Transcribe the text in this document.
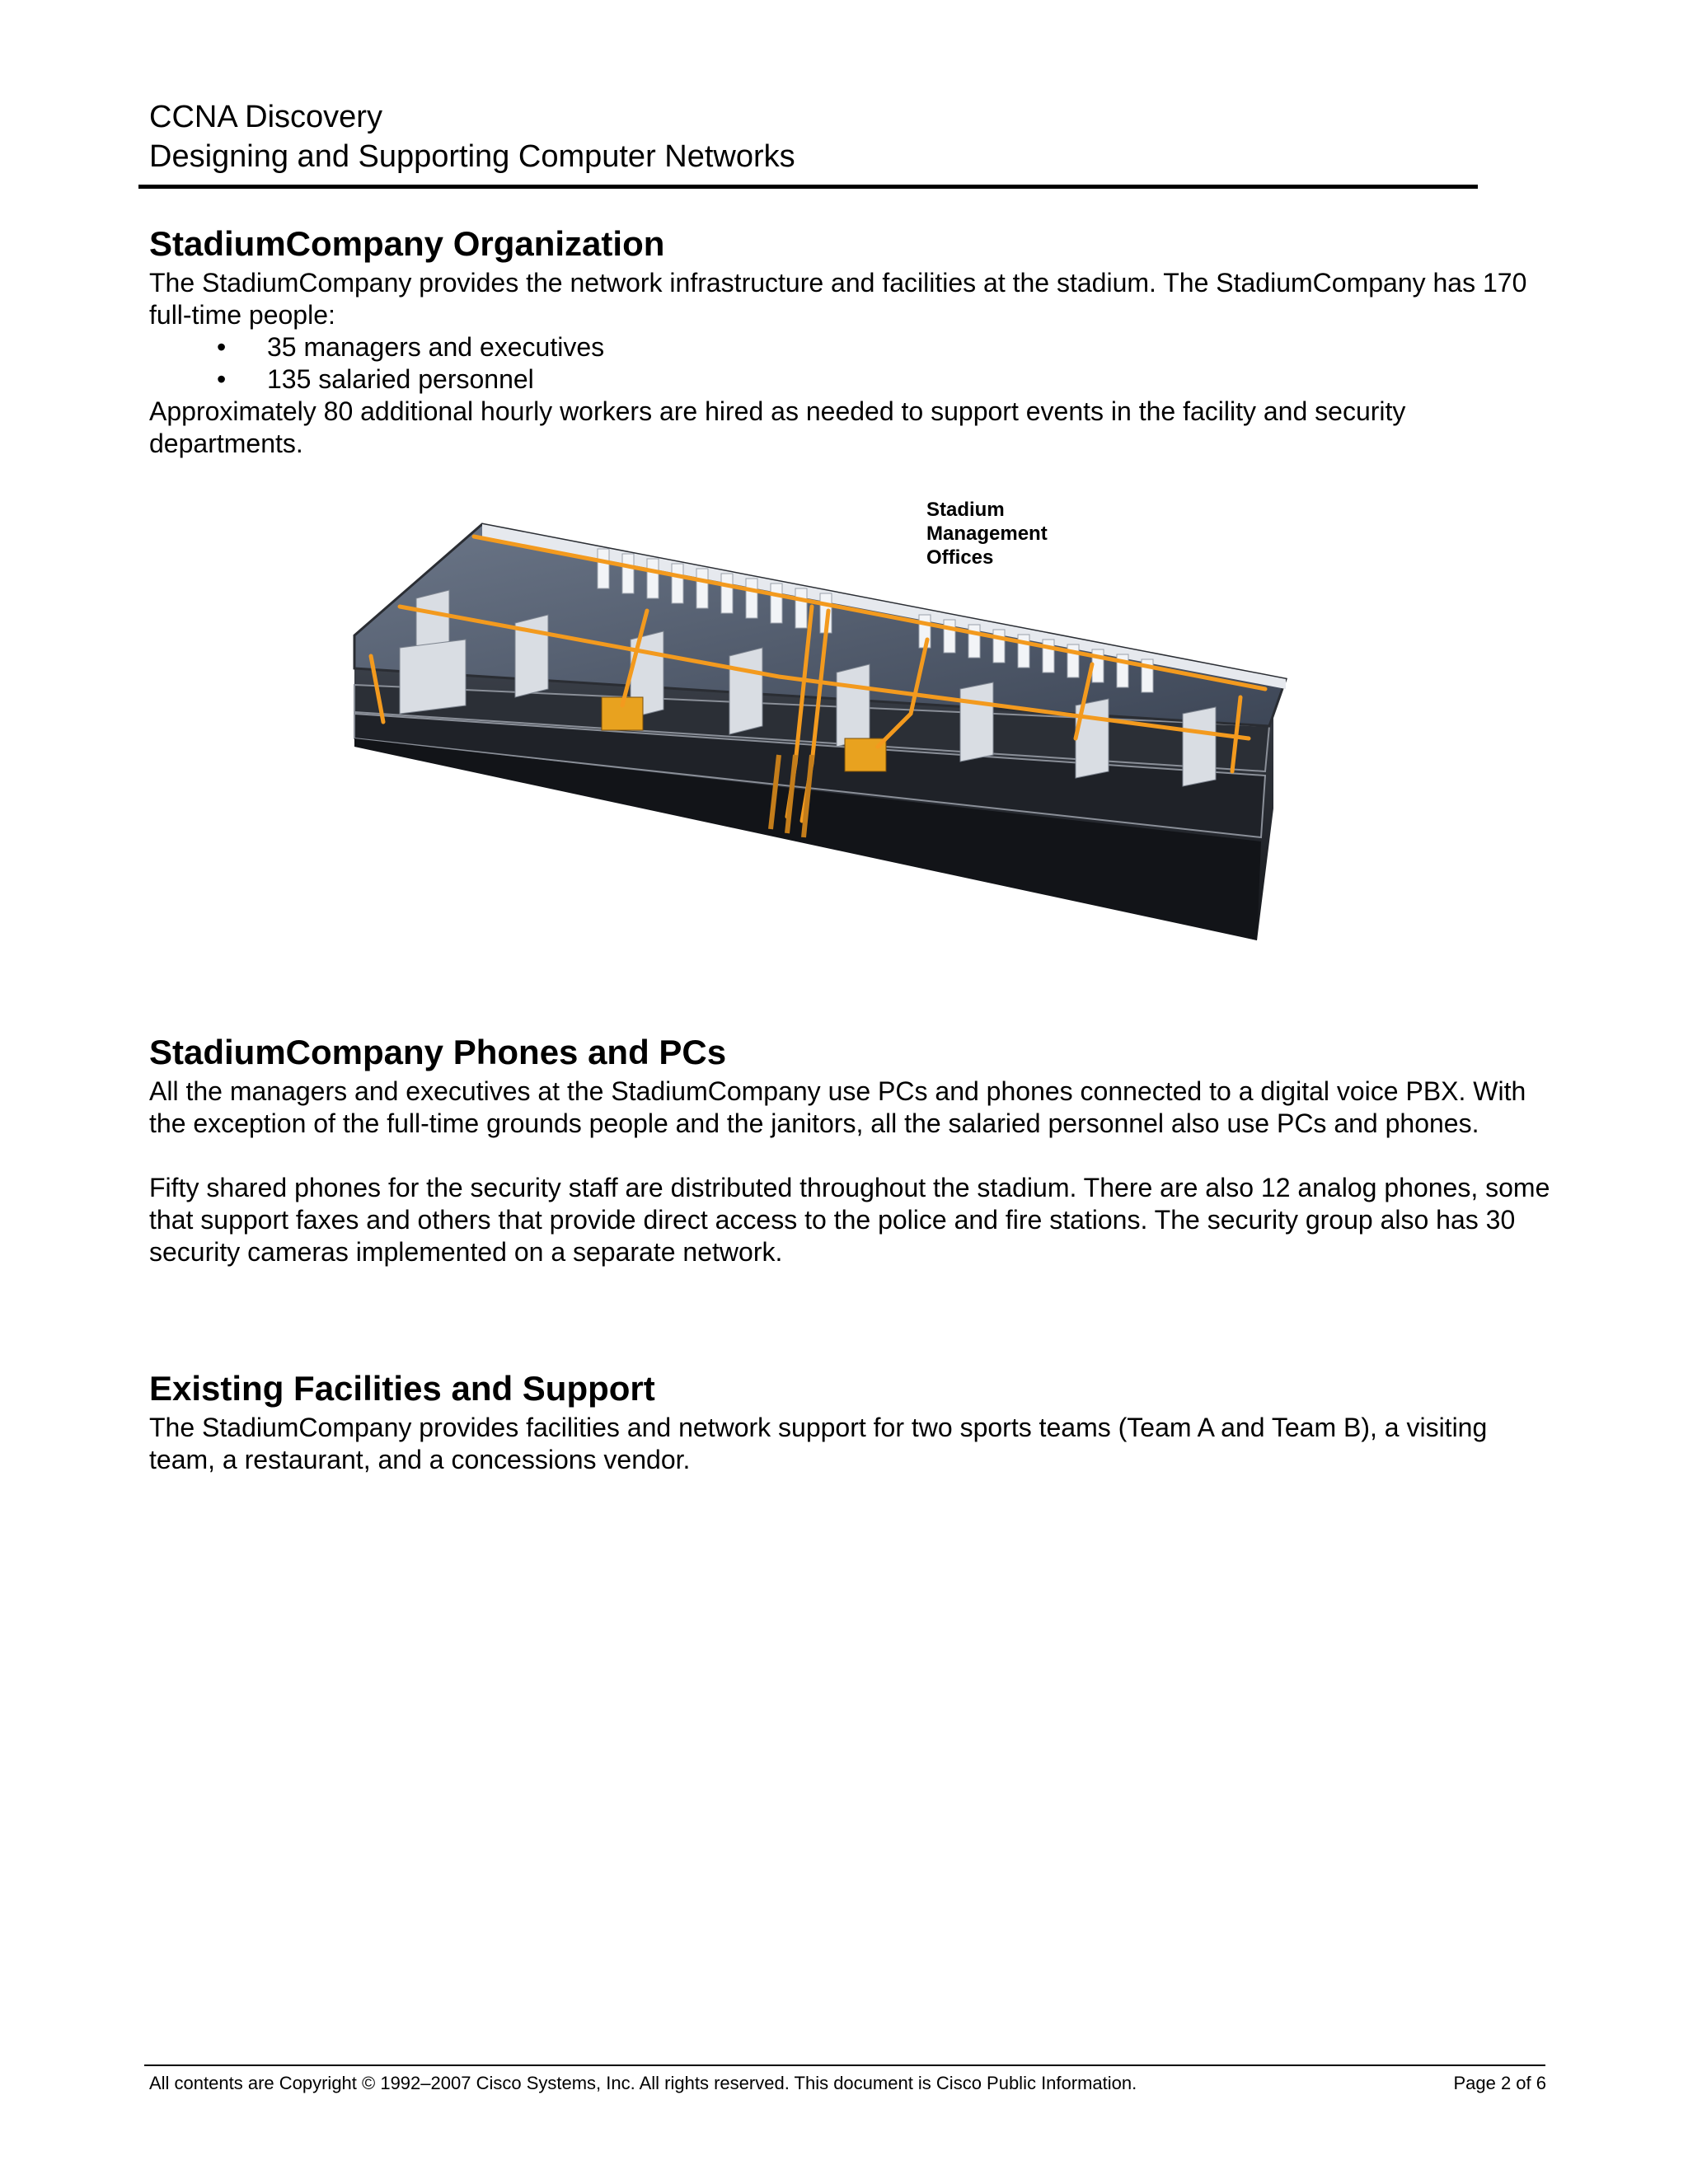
CCNA Discovery
Designing and Supporting Computer Networks
StadiumCompany Organization

The StadiumCompany provides the network infrastructure and facilities at the stadium. The StadiumCompany has 170 full-time people:

• 35 managers and executives
• 135 salaried personnel

Approximately 80 additional hourly workers are hired as needed to support events in the facility and security departments.

StadiumCompany Phones and PCs

All the managers and executives at the StadiumCompany use PCs and phones connected to a digital voice PBX. With the exception of the full-time grounds people and the janitors, all the salaried personnel also use PCs and phones.

Fifty shared phones for the security staff are distributed throughout the stadium. There are also 12 analog phones, some that support faxes and others that provide direct access to the police and fire stations. The security group also has 30 security cameras implemented on a separate network.

Existing Facilities and Support

The StadiumCompany provides facilities and network support for two sports teams (Team A and Team B), a visiting team, a restaurant, and a concessions vendor.

Stadium
Management
Offices
All contents are Copyright © 1992–2007 Cisco Systems, Inc. All rights reserved. This document is Cisco Public Information.	Page 2 of 6
